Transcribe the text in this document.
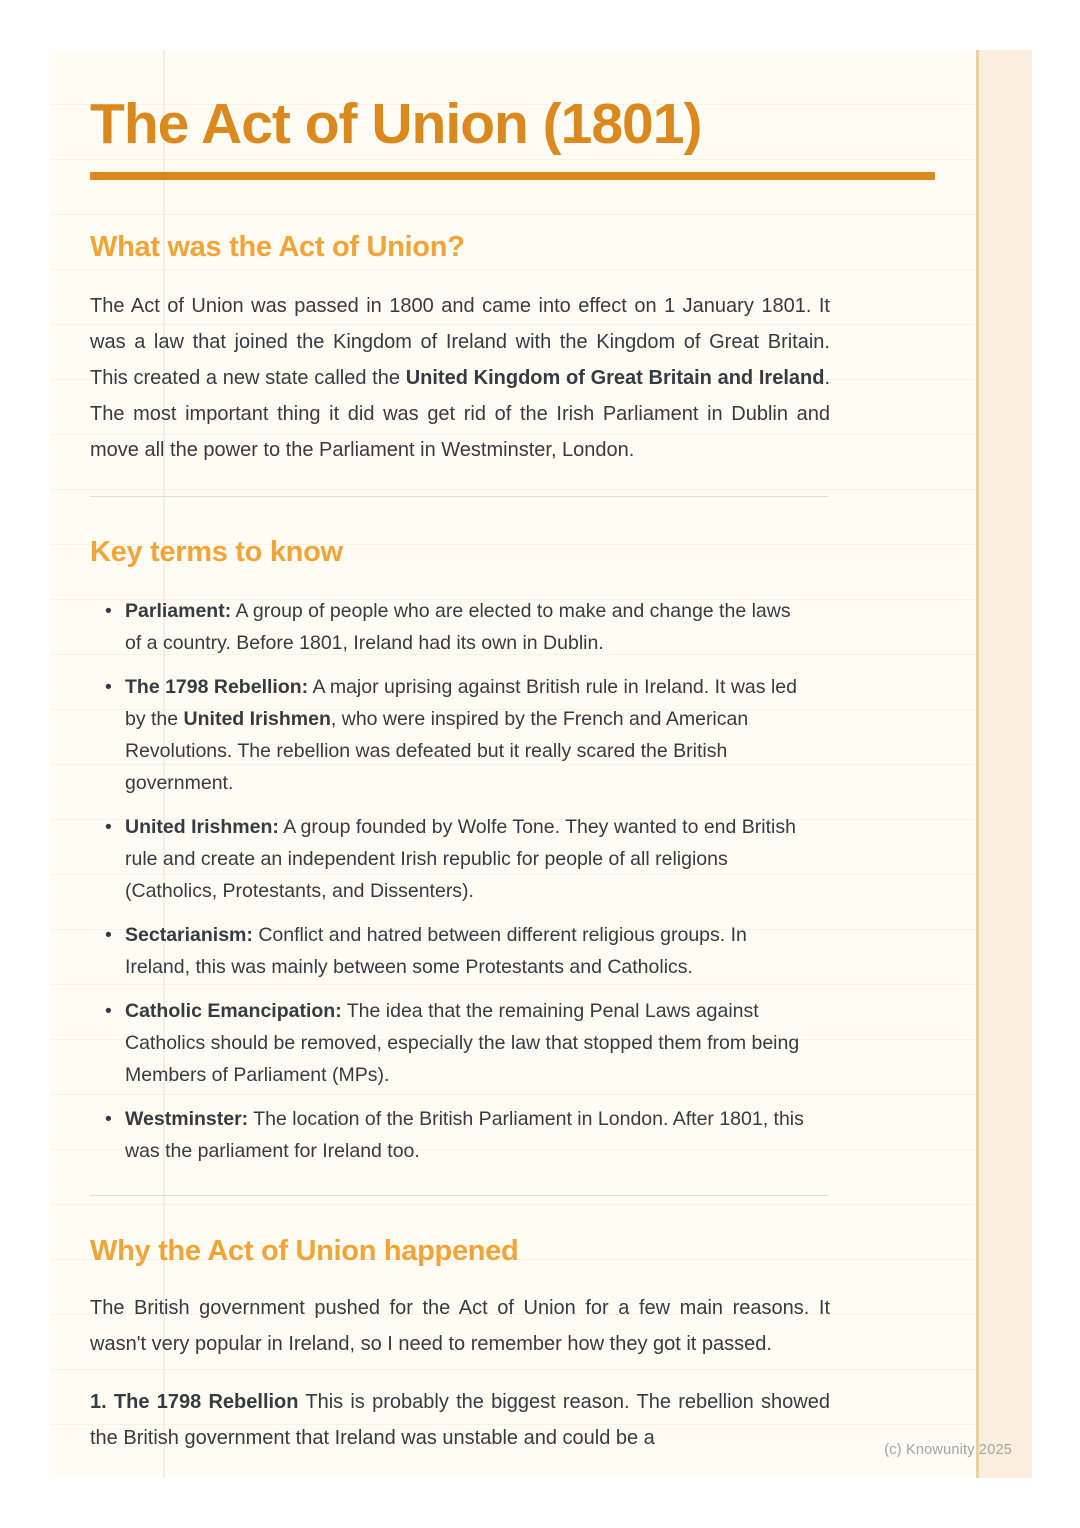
The Act of Union (1801)
What was the Act of Union?

The Act of Union was passed in 1800 and came into effect on 1 January 1801. It was a law that joined the Kingdom of Ireland with the Kingdom of Great Britain. This created a new state called the United Kingdom of Great Britain and Ireland. The most important thing it did was get rid of the Irish Parliament in Dublin and move all the power to the Parliament in Westminster, London.

Key terms to know
• Parliament: A group of people who are elected to make and change the laws of a country. Before 1801, Ireland had its own in Dublin.
• The 1798 Rebellion: A major uprising against British rule in Ireland. It was led by the United Irishmen, who were inspired by the French and American Revolutions. The rebellion was defeated but it really scared the British government.
• United Irishmen: A group founded by Wolfe Tone. They wanted to end British rule and create an independent Irish republic for people of all religions (Catholics, Protestants, and Dissenters).
• Sectarianism: Conflict and hatred between different religious groups. In Ireland, this was mainly between some Protestants and Catholics.
• Catholic Emancipation: The idea that the remaining Penal Laws against Catholics should be removed, especially the law that stopped them from being Members of Parliament (MPs).
• Westminster: The location of the British Parliament in London. After 1801, this was the parliament for Ireland too.
Why the Act of Union happened

The British government pushed for the Act of Union for a few main reasons. It wasn't very popular in Ireland, so I need to remember how they got it passed.

1. The 1798 Rebellion This is probably the biggest reason. The rebellion showed the British government that Ireland was unstable and could be a

(c) Knowunity 2025
